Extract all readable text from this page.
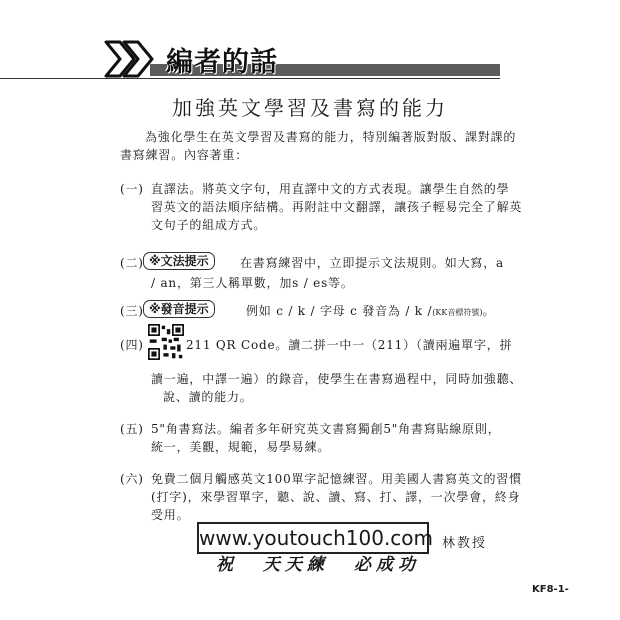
編者的話
加強英文學習及書寫的能力
為強化學生在英文學習及書寫的能力，特別編著版對版、課對課的
書寫練習。內容著重：
(一) 直譯法。將英文字句，用直譯中文的方式表現。讓學生自然的學
習英文的語法順序結構。再附註中文翻譯，讓孩子輕易完全了解英
文句子的組成方式。
(二) ※文法提示	在書寫練習中，立即提示文法規則。如大寫，a
/ an，第三人稱單數，加s / es等。
(三) ※發音提示	例如 c / k / 字母 c 發音為 / k /(KK音標符號)。
(四)	211 QR Code。讀二拼一中一（211）（讀兩遍單字，拼
讀一遍，中譯一遍）的錄音，使學生在書寫過程中，同時加強聽、
說、讀的能力。
(五) 5"角書寫法。編者多年研究英文書寫獨創5"角書寫貼線原則，
統一，美觀，規範，易學易練。
(六) 免費二個月觸感英文100單字記憶練習。用美國人書寫英文的習慣
(打字)，來學習單字，聽、說、讀、寫、打、譯，一次學會，終身
受用。
www.youtouch100.com 林教授
祝 天天練 必成功
KF8-1-
